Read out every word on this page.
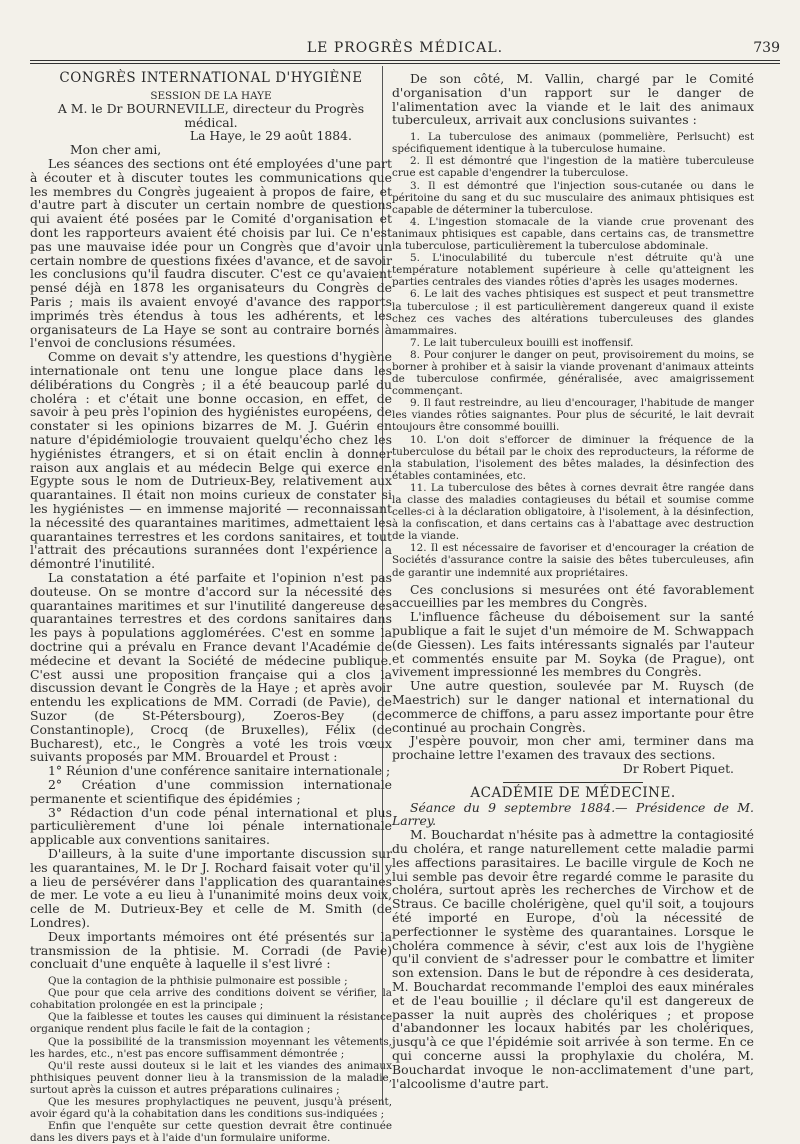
LE PROGRÈS MÉDICAL.	739

CONGRÈS INTERNATIONAL D'HYGIÈNE

SESSION DE LA HAYE

A M. le Dr BOURNEVILLE, directeur du Progrès médical.

La Haye, le 29 août 1884.

Mon cher ami,

Les séances des sections ont été employées d'une part à écouter et à discuter toutes les communications que les membres du Congrès jugeaient à propos de faire, et d'autre part à discuter un certain nombre de questions qui avaient été posées par le Comité d'organisation et dont les rapporteurs avaient été choisis par lui. Ce n'est pas une mauvaise idée pour un Congrès que d'avoir un certain nombre de questions fixées d'avance, et de savoir les conclusions qu'il faudra discuter. C'est ce qu'avaient pensé déjà en 1878 les organisateurs du Congrès de Paris ; mais ils avaient envoyé d'avance des rapports imprimés très étendus à tous les adhérents, et les organisateurs de La Haye se sont au contraire bornés à l'envoi de conclusions résumées.

Comme on devait s'y attendre, les questions d'hygiène internationale ont tenu une longue place dans les délibérations du Congrès ; il a été beaucoup parlé du choléra : et c'était une bonne occasion, en effet, de savoir à peu près l'opinion des hygiénistes européens, de constater si les opinions bizarres de M. J. Guérin en nature d'épidémiologie trouvaient quelqu'écho chez les hygiénistes étrangers, et si on était enclin à donner raison aux anglais et au médecin Belge qui exerce en Egypte sous le nom de Dutrieux-Bey, relativement aux quarantaines. Il était non moins curieux de constater si les hygiénistes — en immense majorité — reconnaissant la nécessité des quarantaines maritimes, admettaient les quarantaines terrestres et les cordons sanitaires, et tout l'attrait des précautions surannées dont l'expérience a démontré l'inutilité.

La constatation a été parfaite et l'opinion n'est pas douteuse. On se montre d'accord sur la nécessité des quarantaines maritimes et sur l'inutilité dangereuse des quarantaines terrestres et des cordons sanitaires dans les pays à populations agglomérées. C'est en somme la doctrine qui a prévalu en France devant l'Académie de médecine et devant la Société de médecine publique. C'est aussi une proposition française qui a clos la discussion devant le Congrès de la Haye ; et après avoir entendu les explications de MM. Corradi (de Pavie), de Suzor (de St-Pétersbourg), Zoeros-Bey (de Constantinople), Crocq (de Bruxelles), Félix (de Bucharest), etc., le Congrès a voté les trois vœux suivants proposés par MM. Brouardel et Proust :

1° Réunion d'une conférence sanitaire internationale ;

2° Création d'une commission internationale permanente et scientifique des épidémies ;

3° Rédaction d'un code pénal international et plus particulièrement d'une loi pénale internationale applicable aux conventions sanitaires.

D'ailleurs, à la suite d'une importante discussion sur les quarantaines, M. le Dr J. Rochard faisait voter qu'il y a lieu de persévérer dans l'application des quarantaines de mer. Le vote a eu lieu à l'unanimité moins deux voix, celle de M. Dutrieux-Bey et celle de M. Smith (de Londres).

Deux importants mémoires ont été présentés sur la transmission de la phtisie. M. Corradi (de Pavie) concluait d'une enquête à laquelle il s'est livré :

Que la contagion de la phthisie pulmonaire est possible ;

Que pour que cela arrive des conditions doivent se vérifier, la cohabitation prolongée en est la principale ;

Que la faiblesse et toutes les causes qui diminuent la résistance organique rendent plus facile le fait de la contagion ;

Que la possibilité de la transmission moyennant les vêtements, les hardes, etc., n'est pas encore suffisamment démontrée ;

Qu'il reste aussi douteux si le lait et les viandes des animaux phthisiques peuvent donner lieu à la transmission de la maladie, surtout après la cuisson et autres préparations culinaires ;

Que les mesures prophylactiques ne peuvent, jusqu'à présent, avoir égard qu'à la cohabitation dans les conditions sus-indiquées ;

Enfin que l'enquête sur cette question devrait être continuée dans les divers pays et à l'aide d'un formulaire uniforme.

De son côté, M. Vallin, chargé par le Comité d'organisation d'un rapport sur le danger de l'alimentation avec la viande et le lait des animaux tuberculeux, arrivait aux conclusions suivantes :

1. La tuberculose des animaux (pommelière, Perlsucht) est spécifiquement identique à la tuberculose humaine.

2. Il est démontré que l'ingestion de la matière tuberculeuse crue est capable d'engendrer la tuberculose.

3. Il est démontré que l'injection sous-cutanée ou dans le péritoine du sang et du suc musculaire des animaux phtisiques est capable de déterminer la tuberculose.

4. L'ingestion stomacale de la viande crue provenant des animaux phtisiques est capable, dans certains cas, de transmettre la tuberculose, particulièrement la tuberculose abdominale.

5. L'inoculabilité du tubercule n'est détruite qu'à une température notablement supérieure à celle qu'atteignent les parties centrales des viandes rôties d'après les usages modernes.

6. Le lait des vaches phtisiques est suspect et peut transmettre la tuberculose ; il est particulièrement dangereux quand il existe chez ces vaches des altérations tuberculeuses des glandes mammaires.

7. Le lait tuberculeux bouilli est inoffensif.

8. Pour conjurer le danger on peut, provisoirement du moins, se borner à prohiber et à saisir la viande provenant d'animaux atteints de tuberculose confirmée, généralisée, avec amaigrissement commençant.

9. Il faut restreindre, au lieu d'encourager, l'habitude de manger les viandes rôties saignantes. Pour plus de sécurité, le lait devrait toujours être consommé bouilli.

10. L'on doit s'efforcer de diminuer la fréquence de la tuberculose du bétail par le choix des reproducteurs, la réforme de la stabulation, l'isolement des bêtes malades, la désinfection des étables contaminées, etc.

11. La tuberculose des bêtes à cornes devrait être rangée dans la classe des maladies contagieuses du bétail et soumise comme celles-ci à la déclaration obligatoire, à l'isolement, à la désinfection, à la confiscation, et dans certains cas à l'abattage avec destruction de la viande.

12. Il est nécessaire de favoriser et d'encourager la création de Sociétés d'assurance contre la saisie des bêtes tuberculeuses, afin de garantir une indemnité aux propriétaires.

Ces conclusions si mesurées ont été favorablement accueillies par les membres du Congrès.

L'influence fâcheuse du déboisement sur la santé publique a fait le sujet d'un mémoire de M. Schwappach (de Giessen). Les faits intéressants signalés par l'auteur et commentés ensuite par M. Soyka (de Prague), ont vivement impressionné les membres du Congrès.

Une autre question, soulevée par M. Ruysch (de Maestrich) sur le danger national et international du commerce de chiffons, a paru assez importante pour être continué au prochain Congrès.

J'espère pouvoir, mon cher ami, terminer dans ma prochaine lettre l'examen des travaux des sections.

Dr Robert Piquet.

ACADÉMIE DE MÉDECINE.

Séance du 9 septembre 1884.— Présidence de M. Larrey.

M. Bouchardat n'hésite pas à admettre la contagiosité du choléra, et range naturellement cette maladie parmi les affections parasitaires. Le bacille virgule de Koch ne lui semble pas devoir être regardé comme le parasite du choléra, surtout après les recherches de Virchow et de Straus. Ce bacille cholérigène, quel qu'il soit, a toujours été importé en Europe, d'où la nécessité de perfectionner le système des quarantaines. Lorsque le choléra commence à sévir, c'est aux lois de l'hygiène qu'il convient de s'adresser pour le combattre et limiter son extension. Dans le but de répondre à ces desiderata, M. Bouchardat recommande l'emploi des eaux minérales et de l'eau bouillie ; il déclare qu'il est dangereux de passer la nuit auprès des cholériques ; et propose d'abandonner les locaux habités par les cholériques, jusqu'à ce que l'épidémie soit arrivée à son terme. En ce qui concerne aussi la prophylaxie du choléra, M. Bouchardat invoque le non-acclimatement d'une part, l'alcoolisme d'autre part.
